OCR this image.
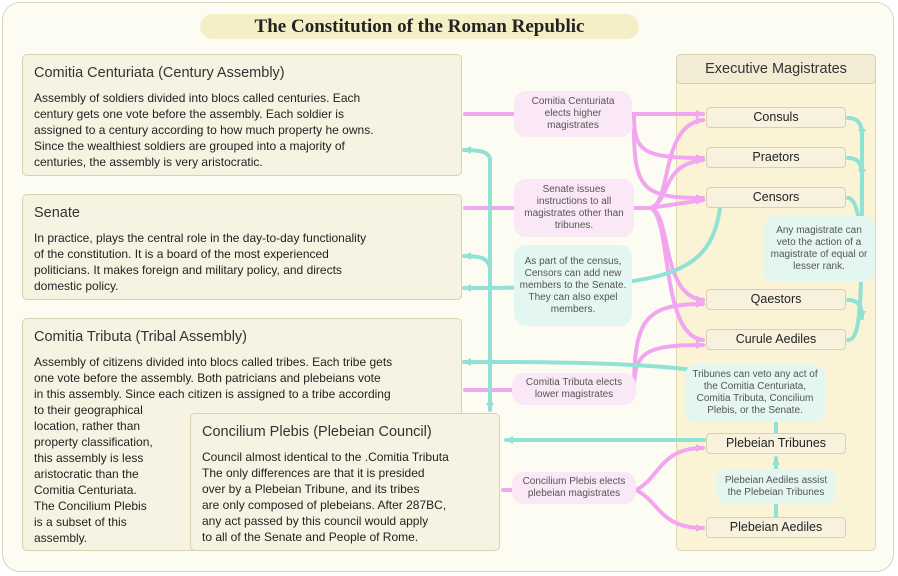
The Constitution of the Roman Republic
Executive Magistrates
Comitia Centuriata (Century Assembly)

Assembly of soldiers divided into blocs called centuries. Each
century gets one vote before the assembly. Each soldier is
assigned to a century according to how much property he owns.
Since the wealthiest soldiers are grouped into a majority of
centuries, the assembly is very aristocratic.

Senate

In practice, plays the central role in the day-to-day functionality
of the constitution. It is a board of the most experienced
politicians. It makes foreign and military policy, and directs
domestic policy.

Comitia Tributa (Tribal Assembly)

Assembly of citizens divided into blocs called tribes. Each tribe gets
one vote before the assembly. Both patricians and plebeians vote
in this assembly. Since each citizen is assigned to a tribe according

to their geographical
location, rather than
property classification,
this assembly is less
aristocratic than the
Comitia Centuriata.
The Concilium Plebis
is a subset of this
assembly.

Concilium Plebis (Plebeian Council)

Council almost identical to the .Comitia Tributa
The only differences are that it is presided
over by a Plebeian Tribune, and its tribes
are only composed of plebeians. After 287BC,
any act passed by this council would apply
to all of the Senate and People of Rome.

Consuls
Praetors
Censors
Qaestors
Curule Aediles
Plebeian Tribunes
Plebeian Aediles
Comitia Centuriata elects higher magistrates
Senate issues instructions to all magistrates other than tribunes.
As part of the census, Censors can add new members to the Senate. They can also expel members.
Comitia Tributa elects lower magistrates
Concilium Plebis elects plebeian magistrates
Any magistrate can veto the action of a magistrate of equal or lesser rank.
Tribunes can veto any act of the Comitia Centuriata, Comitia Tributa, Concilium Plebis, or the Senate.
Plebeian Aediles assist the Plebeian Tribunes
